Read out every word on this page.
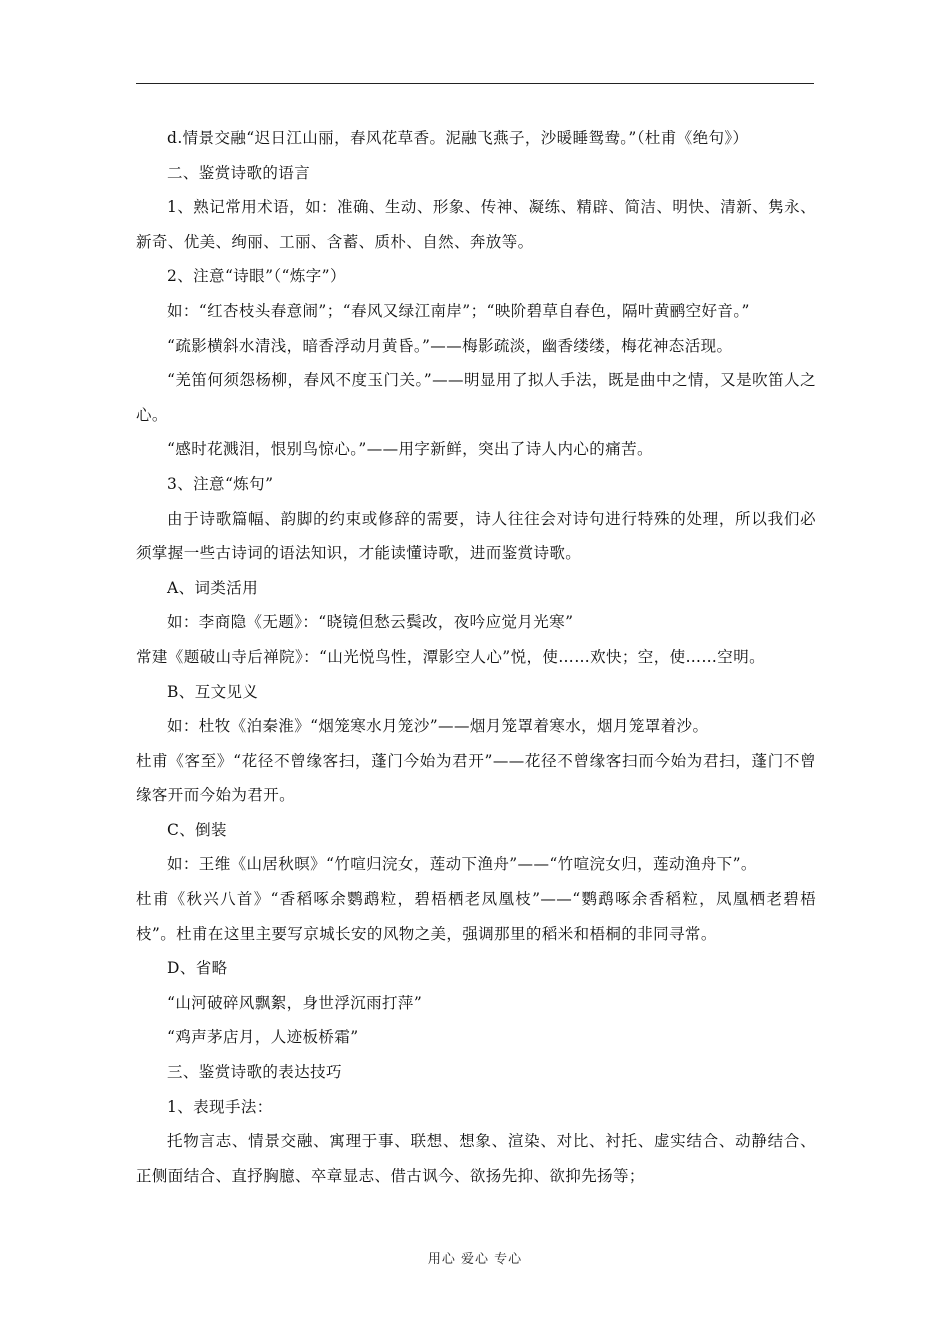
d.情景交融“迟日江山丽，春风花草香。泥融飞燕子，沙暖睡鸳鸯。”（杜甫《绝句》）

二、鉴赏诗歌的语言

1、熟记常用术语，如：准确、生动、形象、传神、凝练、精辟、简洁、明快、清新、隽永、新奇、优美、绚丽、工丽、含蓄、质朴、自然、奔放等。

2、注意“诗眼”（“炼字”）

如：“红杏枝头春意闹”；“春风又绿江南岸”；“映阶碧草自春色，隔叶黄鹂空好音。”

“疏影横斜水清浅，暗香浮动月黄昏。”——梅影疏淡，幽香缕缕，梅花神态活现。

“羌笛何须怨杨柳，春风不度玉门关。”——明显用了拟人手法，既是曲中之情，又是吹笛人之心。

“感时花溅泪，恨别鸟惊心。”——用字新鲜，突出了诗人内心的痛苦。

3、注意“炼句”

由于诗歌篇幅、韵脚的约束或修辞的需要，诗人往往会对诗句进行特殊的处理，所以我们必须掌握一些古诗词的语法知识，才能读懂诗歌，进而鉴赏诗歌。

A、词类活用

如：李商隐《无题》：“晓镜但愁云鬓改，夜吟应觉月光寒”

常建《题破山寺后禅院》：“山光悦鸟性，潭影空人心”悦，使……欢快；空，使……空明。

B、互文见义

如：杜牧《泊秦淮》“烟笼寒水月笼沙”——烟月笼罩着寒水，烟月笼罩着沙。

杜甫《客至》“花径不曾缘客扫，蓬门今始为君开”——花径不曾缘客扫而今始为君扫，蓬门不曾缘客开而今始为君开。

C、倒装

如：王维《山居秋暝》“竹喧归浣女，莲动下渔舟”——“竹喧浣女归，莲动渔舟下”。

杜甫《秋兴八首》“香稻啄余鹦鹉粒，碧梧栖老凤凰枝”——“鹦鹉啄余香稻粒，凤凰栖老碧梧枝”。杜甫在这里主要写京城长安的风物之美，强调那里的稻米和梧桐的非同寻常。

D、省略

“山河破碎风飘絮，身世浮沉雨打萍”

“鸡声茅店月，人迹板桥霜”

三、鉴赏诗歌的表达技巧

1、表现手法：

托物言志、情景交融、寓理于事、联想、想象、渲染、对比、衬托、虚实结合、动静结合、正侧面结合、直抒胸臆、卒章显志、借古讽今、欲扬先抑、欲抑先扬等；

用心 爱心 专心
